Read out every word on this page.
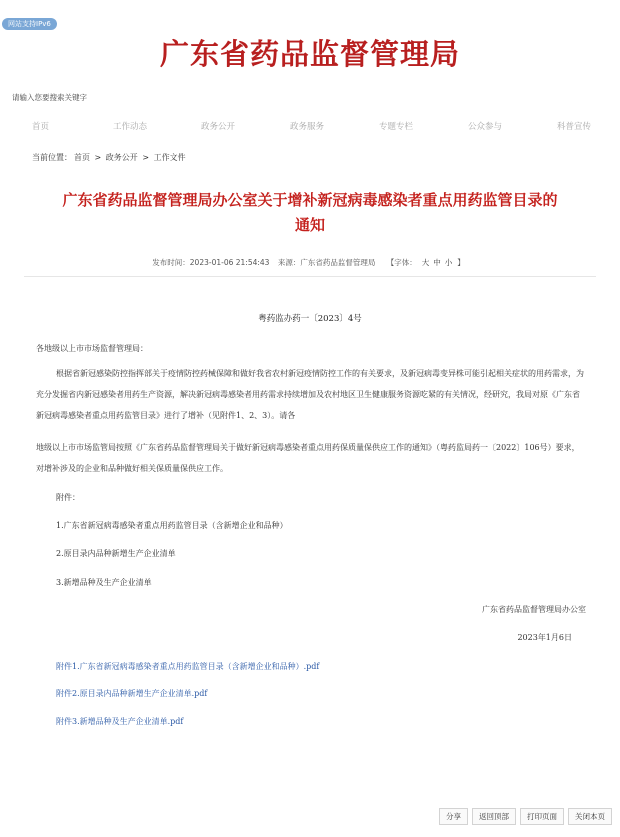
网站支持IPv6
广东省药品监督管理局
请输入您要搜索关键字
首页	工作动态	政务公开	政务服务	专题专栏	公众参与	科普宣传
当前位置： 首页 > 政务公开 > 工作文件
广东省药品监督管理局办公室关于增补新冠病毒感染者重点用药监管目录的
通知
发布时间：2023-01-06 21:54:43 来源：广东省药品监督管理局 【字体： 大 中 小 】
粤药监办药一〔2023〕4号
各地级以上市市场监督管理局：
根据省新冠感染防控指挥部关于疫情防控药械保障和做好我省农村新冠疫情防控工作的有关要求，及新冠病毒变异株可能引起相关症状的用药需求，为充分发掘省内新冠感染者用药生产资源，解决新冠病毒感染者用药需求持续增加及农村地区卫生健康服务资源吃紧的有关情况，经研究，我局对原《广东省新冠病毒感染者重点用药监管目录》进行了增补（见附件1、2、3）。请各
地级以上市市场监管局按照《广东省药品监督管理局关于做好新冠病毒感染者重点用药保质量保供应工作的通知》（粤药监局药一〔2022〕106号）要求，对增补涉及的企业和品种做好相关保质量保供应工作。
附件：
1.广东省新冠病毒感染者重点用药监管目录（含新增企业和品种）
2.原目录内品种新增生产企业清单
3.新增品种及生产企业清单
广东省药品监督管理局办公室
2023年1月6日
附件1.广东省新冠病毒感染者重点用药监管目录（含新增企业和品种）.pdf
附件2.原目录内品种新增生产企业清单.pdf
附件3.新增品种及生产企业清单.pdf
分享	返回顶部	打印页面	关闭本页
